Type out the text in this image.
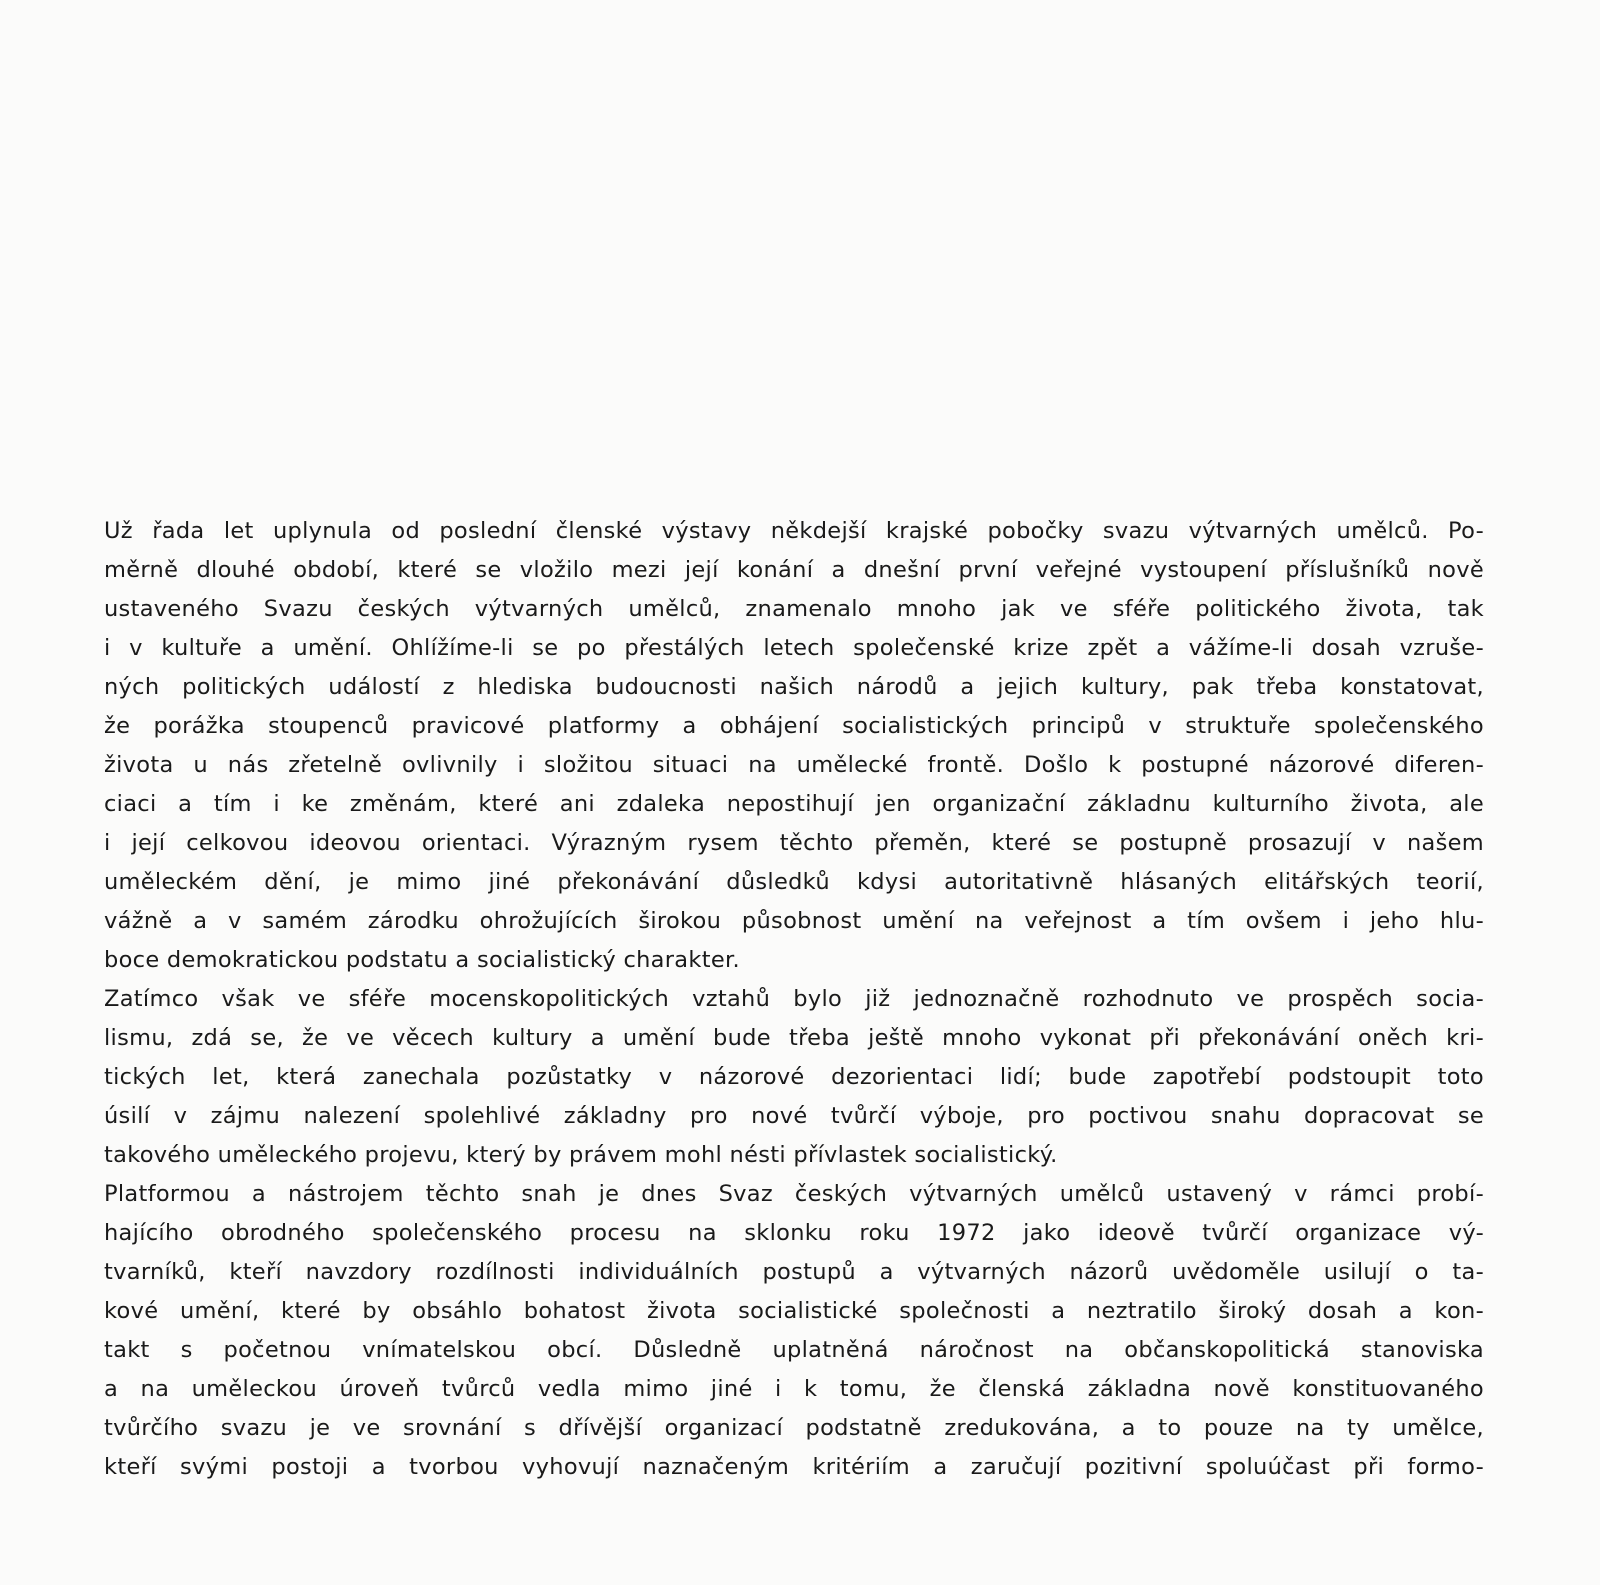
Už řada let uplynula od poslední členské výstavy někdejší krajské pobočky svazu výtvarných umělců. Po-
měrně dlouhé období, které se vložilo mezi její konání a dnešní první veřejné vystoupení příslušníků nově
ustaveného Svazu českých výtvarných umělců, znamenalo mnoho jak ve sféře politického života, tak
i v kultuře a umění. Ohlížíme-li se po přestálých letech společenské krize zpět a vážíme-li dosah vzruše-
ných politických událostí z hlediska budoucnosti našich národů a jejich kultury, pak třeba konstatovat,
že porážka stoupenců pravicové platformy a obhájení socialistických principů v struktuře společenského
života u nás zřetelně ovlivnily i složitou situaci na umělecké frontě. Došlo k postupné názorové diferen-
ciaci a tím i ke změnám, které ani zdaleka nepostihují jen organizační základnu kulturního života, ale
i její celkovou ideovou orientaci. Výrazným rysem těchto přeměn, které se postupně prosazují v našem
uměleckém dění, je mimo jiné překonávání důsledků kdysi autoritativně hlásaných elitářských teorií,
vážně a v samém zárodku ohrožujících širokou působnost umění na veřejnost a tím ovšem i jeho hlu-
boce demokratickou podstatu a socialistický charakter.
Zatímco však ve sféře mocenskopolitických vztahů bylo již jednoznačně rozhodnuto ve prospěch socia-
lismu, zdá se, že ve věcech kultury a umění bude třeba ještě mnoho vykonat při překonávání oněch kri-
tických let, která zanechala pozůstatky v názorové dezorientaci lidí; bude zapotřebí podstoupit toto
úsilí v zájmu nalezení spolehlivé základny pro nové tvůrčí výboje, pro poctivou snahu dopracovat se
takového uměleckého projevu, který by právem mohl nésti přívlastek socialistický.
Platformou a nástrojem těchto snah je dnes Svaz českých výtvarných umělců ustavený v rámci probí-
hajícího obrodného společenského procesu na sklonku roku 1972 jako ideově tvůrčí organizace vý-
tvarníků, kteří navzdory rozdílnosti individuálních postupů a výtvarných názorů uvědoměle usilují o ta-
kové umění, které by obsáhlo bohatost života socialistické společnosti a neztratilo široký dosah a kon-
takt s početnou vnímatelskou obcí. Důsledně uplatněná náročnost na občanskopolitická stanoviska
a na uměleckou úroveň tvůrců vedla mimo jiné i k tomu, že členská základna nově konstituovaného
tvůrčího svazu je ve srovnání s dřívější organizací podstatně zredukována, a to pouze na ty umělce,
kteří svými postoji a tvorbou vyhovují naznačeným kritériím a zaručují pozitivní spoluúčast při formo-
